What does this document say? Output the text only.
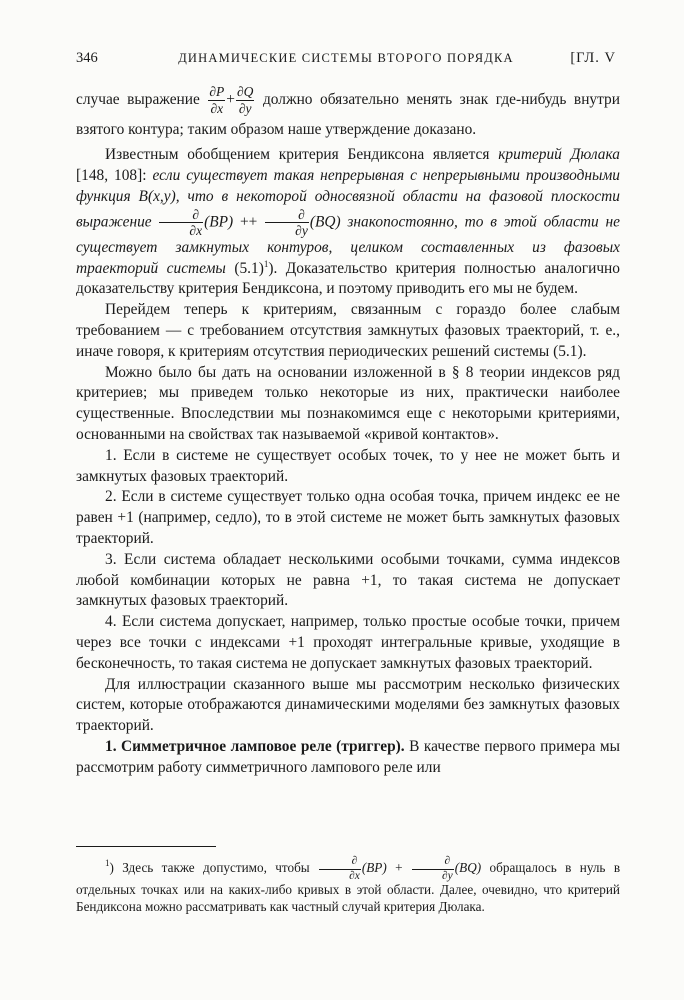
346	ДИНАМИЧЕСКИЕ СИСТЕМЫ ВТОРОГО ПОРЯДКА	[ГЛ. V

случае выражение $\frac{\partial P}{\partial x} + \frac{\partial Q}{\partial y}$ должно обязательно менять знак где-нибудь внутри взятого контура; таким образом наше утверждение доказано.

Известным обобщением критерия Бендиксона является критерий Дюлака [148, 108]: если существует такая непрерывная с непрерывными производными функция B(x,y), что в некоторой односвязной области на фазовой плоскости выражение	∂
∂x
(BP) ++	∂
∂y
(BQ) знакопостоянно, то в этой области не существует замкнутых контуров, целиком составленных из фазовых траекторий системы $(5.1)^1$). Доказательство критерия полностью аналогично доказательству критерия Бендиксона, и поэтому приводить его мы не будем.

Перейдем теперь к критериям, связанным с гораздо более слабым требованием — с требованием отсутствия замкнутых фазовых траекторий, т. е., иначе говоря, к критериям отсутствия периодических решений системы (5.1).

Можно было бы дать на основании изложенной в § 8 теории индексов ряд критериев; мы приведем только некоторые из них, практически наиболее существенные. Впоследствии мы познакомимся еще с некоторыми критериями, основанными на свойствах так называемой «кривой контактов».

1. Если в системе не существует особых точек, то у нее не может быть и замкнутых фазовых траекторий.

2. Если в системе существует только одна особая точка, причем индекс ее не равен +1 (например, седло), то в этой системе не может быть замкнутых фазовых траекторий.

3. Если система обладает несколькими особыми точками, сумма индексов любой комбинации которых не равна +1, то такая система не допускает замкнутых фазовых траекторий.

4. Если система допускает, например, только простые особые точки, причем через все точки с индексами +1 проходят интегральные кривые, уходящие в бесконечность, то такая система не допускает замкнутых фазовых траекторий.

Для иллюстрации сказанного выше мы рассмотрим несколько физических систем, которые отображаются динамическими моделями без замкнутых фазовых траекторий.

1. Симметричное ламповое реле (триггер). В качестве первого примера мы рассмотрим работу симметричного лампового реле или

$^1$) Здесь также допустимо, чтобы	∂
∂x
(BP) +	∂
∂y
(BQ) обращалось в нуль в отдельных точках или на каких-либо кривых в этой области. Далее, очевидно, что критерий Бендиксона можно рассматривать как частный случай критерия Дюлака.
